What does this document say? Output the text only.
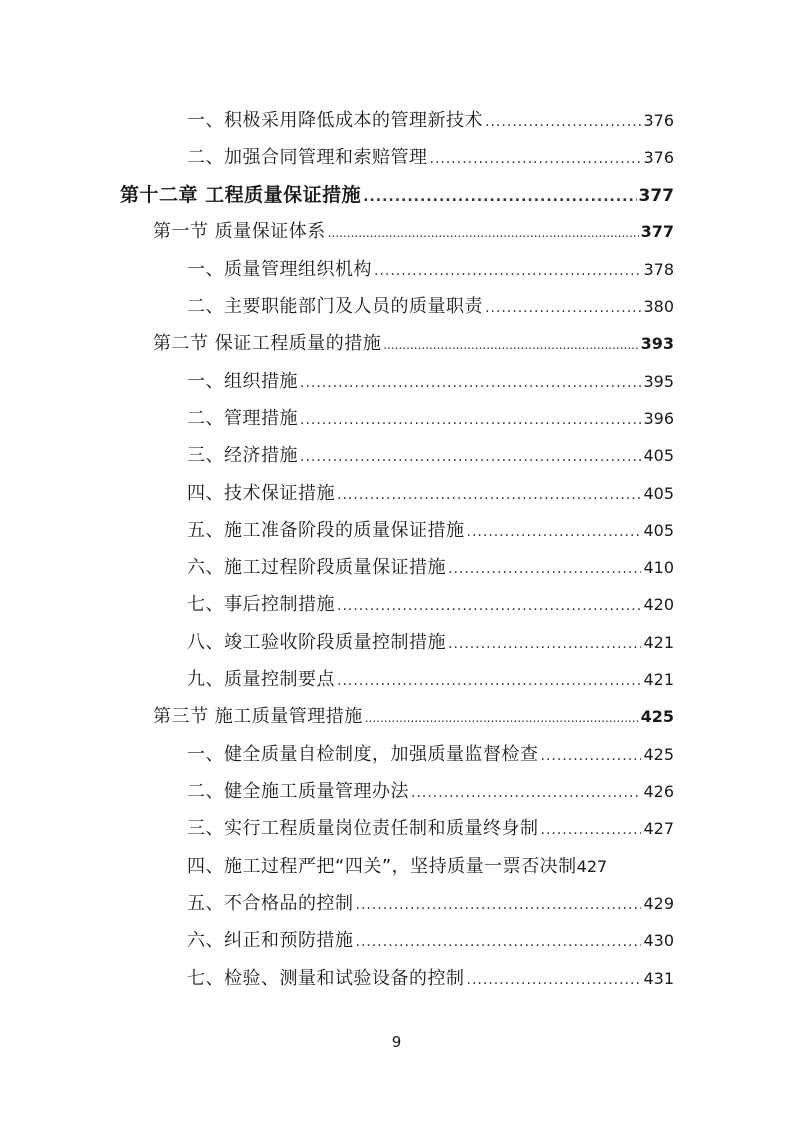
一、积极采用降低成本的管理新技术 .....	376
二、加强合同管理和索赔管理 .....	376
第十二章 工程质量保证措施 .....	377
第一节 质量保证体系 .....	377
一、质量管理组织机构 .....	378
二、主要职能部门及人员的质量职责 .....	380
第二节 保证工程质量的措施 .....	393
一、组织措施 .....	395
二、管理措施 .....	396
三、经济措施 .....	405
四、技术保证措施 .....	405
五、施工准备阶段的质量保证措施 .....	405
六、施工过程阶段质量保证措施 .....	410
七、事后控制措施 .....	420
八、竣工验收阶段质量控制措施 .....	421
九、质量控制要点 .....	421
第三节 施工质量管理措施 .....	425
一、健全质量自检制度，加强质量监督检查 .....	425
二、健全施工质量管理办法 .....	426
三、实行工程质量岗位责任制和质量终身制 .....	427
四、施工过程严把“四关”，坚持质量一票否决制 427
五、不合格品的控制 .....	429
六、纠正和预防措施 .....	430
七、检验、测量和试验设备的控制 .....	431
9
